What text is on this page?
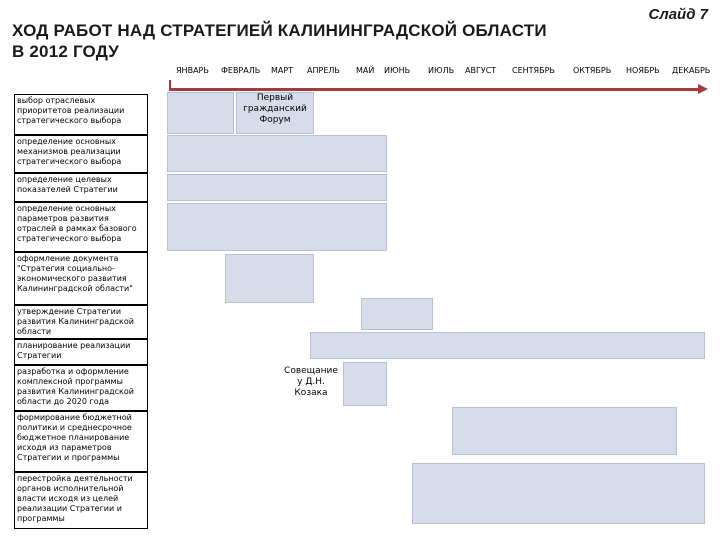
ХОД РАБОТ НАД СТРАТЕГИЕЙ КАЛИНИНГРАДСКОЙ ОБЛАСТИ
В 2012 ГОДУ
Слайд 7
ЯНВАРЬ ФЕВРАЛЬ МАРТ АПРЕЛЬ МАЙ ИЮНЬ ИЮЛЬ АВГУСТ СЕНТЯБРЬ ОКТЯБРЬ НОЯБРЬ ДЕКАБРЬ
выбор отраслевых приоритетов реализации стратегического выбора
определение основных механизмов реализации стратегического выбора
определение целевых показателей Стратегии
определение основных параметров развития отраслей в рамках базового стратегического выбора
оформление документа "Стратегия социально-экономического развития Калининградской области"
утверждение Стратегии развития Калининградской области
планирование реализации Стратегии
разработка и оформление комплексной программы развития Калининградской области до 2020 года
формирование бюджетной политики и среднесрочное бюджетное планирование исходя из параметров Стратегии и программы
перестройка деятельности органов исполнительной власти исходя из целей реализации Стратегии и программы
Первый гражданский Форум
Совещание у Д.Н. Козака
